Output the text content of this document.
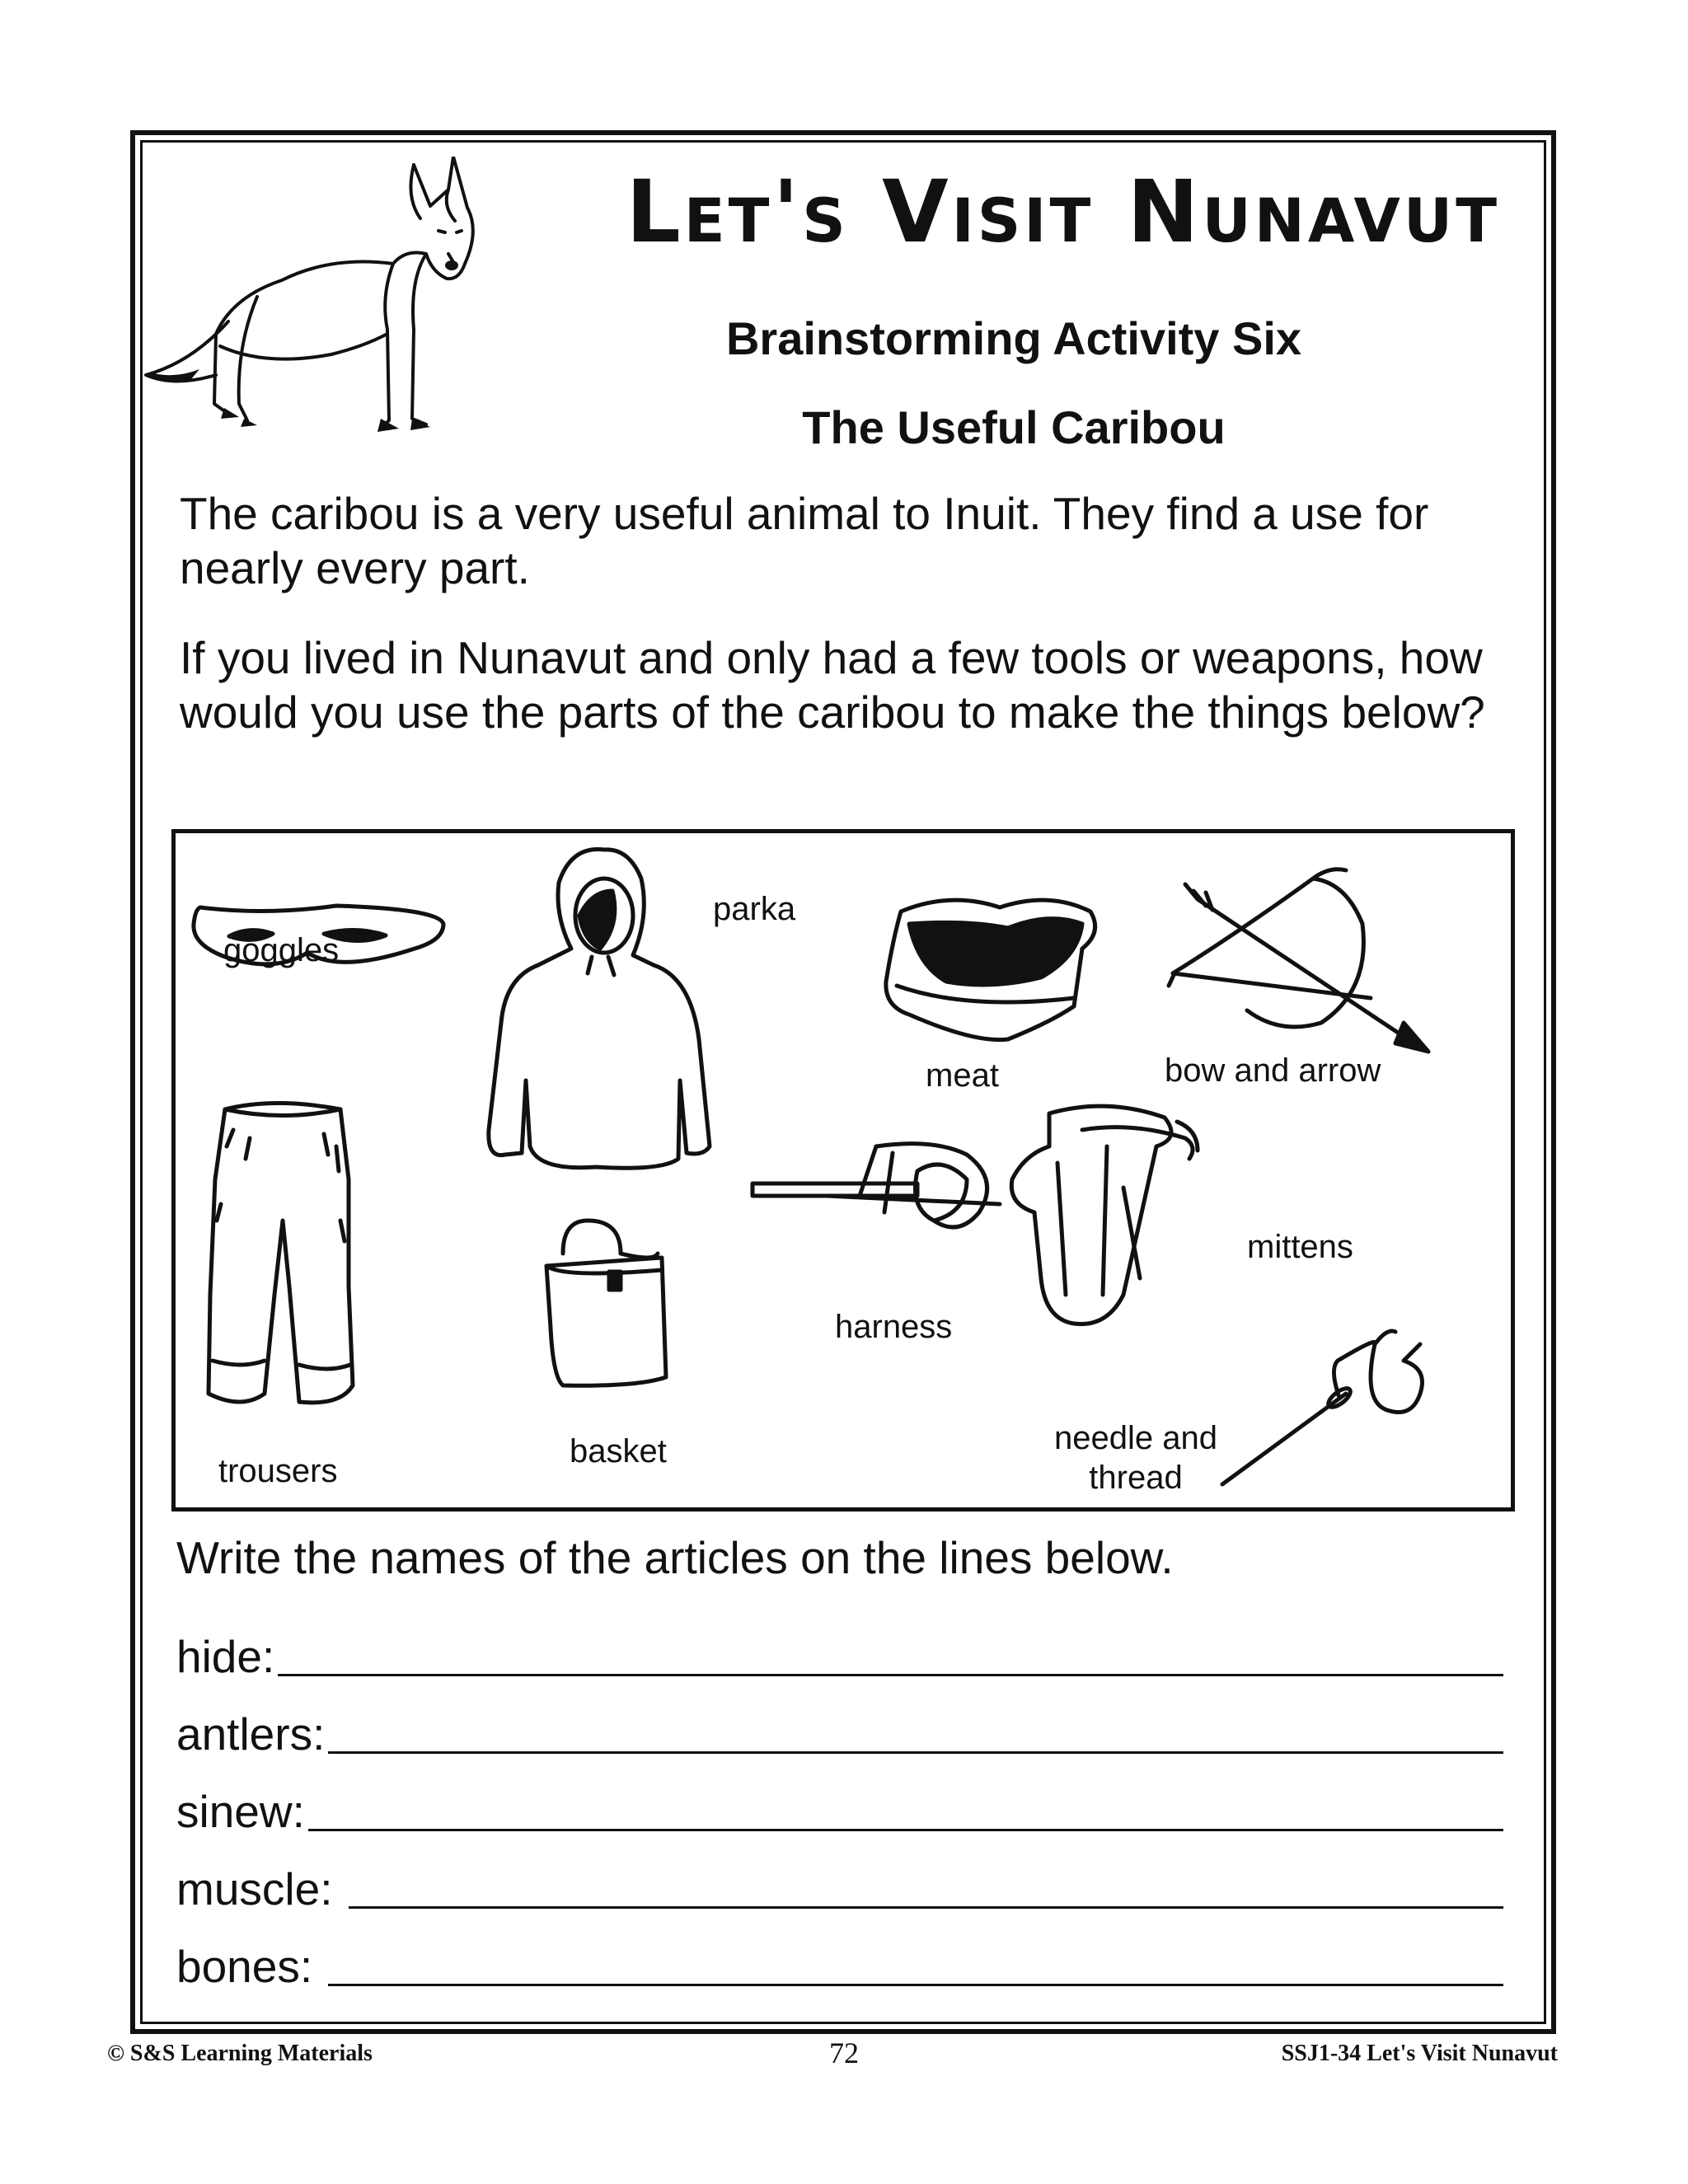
Let's Visit Nunavut
Brainstorming Activity Six
The Useful Caribou

The caribou is a very useful animal to Inuit. They find a use for nearly every part.

If you lived in Nunavut and only had a few tools or weapons, how would you use the parts of the caribou to make the things below?

goggles

parka

meat	bow and arrow

trousers

basket

harness

mittens

needle and thread

Write the names of the articles on the lines below.

hide:
antlers:
sinew:
muscle:
bones:

© S&S Learning Materials	72	SSJ1-34 Let's Visit Nunavut
